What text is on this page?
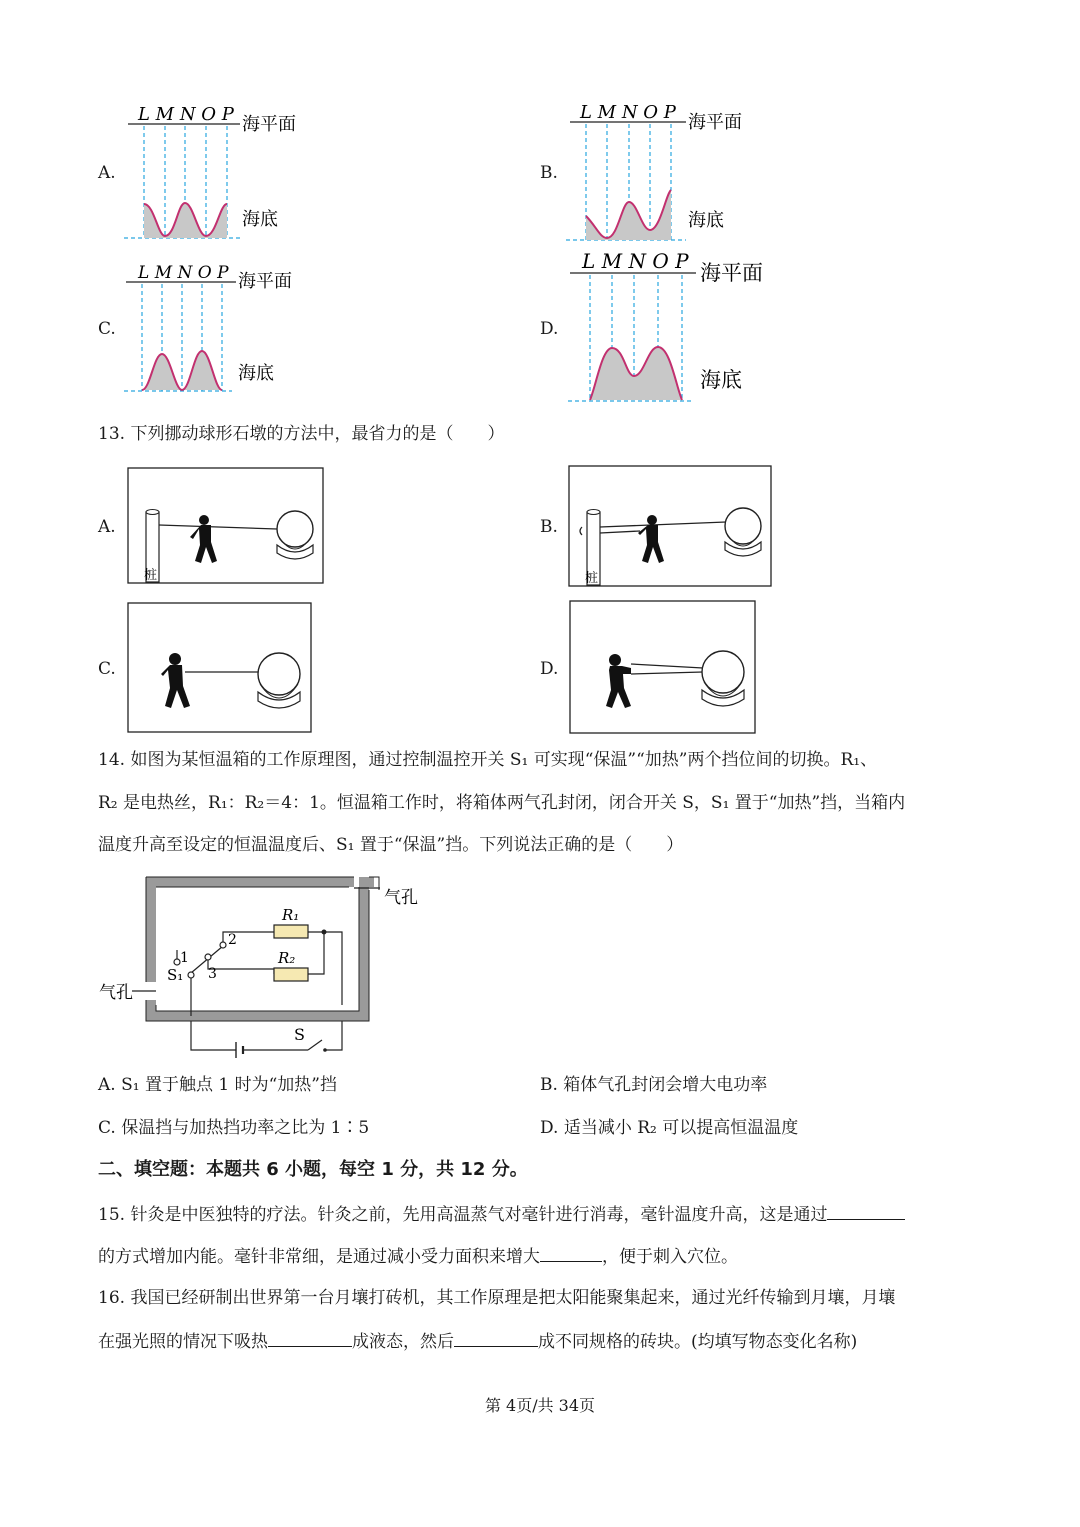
A.
L M N O P 海平面
海底
B.
L M N O P 海平面
海底
C.
L M N O P 海平面
海底
D.
L M N O P 海平面
海底
13. 下列挪动球形石墩的方法中，最省力的是（　　）
A.
桩
B.
桩
C.	D.
14. 如图为某恒温箱的工作原理图，通过控制温控开关 S₁ 可实现“保温”“加热”两个挡位间的切换。R₁、
R₂ 是电热丝，R₁：R₂＝4：1。恒温箱工作时，将箱体两气孔封闭，闭合开关 S，S₁ 置于“加热”挡，当箱内
温度升高至设定的恒温温度后、S₁ 置于“保温”挡。下列说法正确的是（　　）
气孔
气孔
R₁
R₂
1
2
3
S₁
S
A. S₁ 置于触点 1 时为“加热”挡	B. 箱体气孔封闭会增大电功率
C. 保温挡与加热挡功率之比为 1∶5	D. 适当减小 R₂ 可以提高恒温温度
二、填空题：本题共 6 小题，每空 1 分，共 12 分。
15. 针灸是中医独特的疗法。针灸之前，先用高温蒸气对毫针进行消毒，毫针温度升高，这是通过
的方式增加内能。毫针非常细，是通过减小受力面积来增大	，便于刺入穴位。
16. 我国已经研制出世界第一台月壤打砖机，其工作原理是把太阳能聚集起来，通过光纤传输到月壤，月壤
在强光照的情况下吸热	成液态，然后	成不同规格的砖块。(均填写物态变化名称)
第 4页/共 34页
